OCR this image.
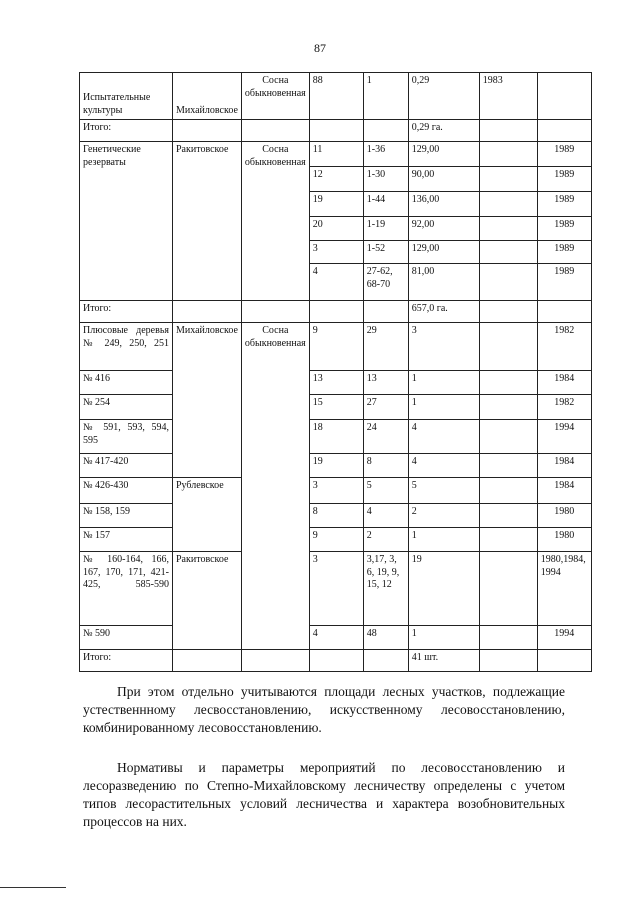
87
Испытательные культуры	Михайловское	Сосна обыкновенная	88	1	0,29	1983	
Итого:					0,29 га.		
Генетические резерваты	Ракитовское	Сосна обыкновенная	11	1-36	129,00		1989
			12	1-30	90,00		1989
			19	1-44	136,00		1989
			20	1-19	92,00		1989
			3	1-52	129,00		1989
			4	27-62, 68-70	81,00		1989
Итого:					657,0 га.		
Плюсовые деревья № 249, 250, 251	Михайловское	Сосна обыкновенная	9	29	3		1982
№ 416			13	13	1		1984
№ 254			15	27	1		1982
№ 591, 593, 594, 595			18	24	4		1994
№ 417-420			19	8	4		1984
№ 426-430	Рублевское		3	5	5		1984
№ 158, 159			8	4	2		1980
№ 157			9	2	1		1980
№ 160-164, 166, 167, 170, 171, 421- 425, 585-590	Ракитовское		3	3,17, 3, 6, 19, 9, 15, 12	19		1980,1984,1994
№ 590			4	48	1		1994
Итого:					41 шт.		

При этом отдельно учитываются площади лесных участков, подлежащие устественнному лесвосстановлению, искусственному лесовосстановлению, комбинированному лесовосстановлению.

Нормативы и параметры мероприятий по лесовосстановлению и лесоразведению по Степно-Михайловскому лесничеству определены с учетом типов лесорастительных условий лесничества и характера возобновительных процессов на них.
